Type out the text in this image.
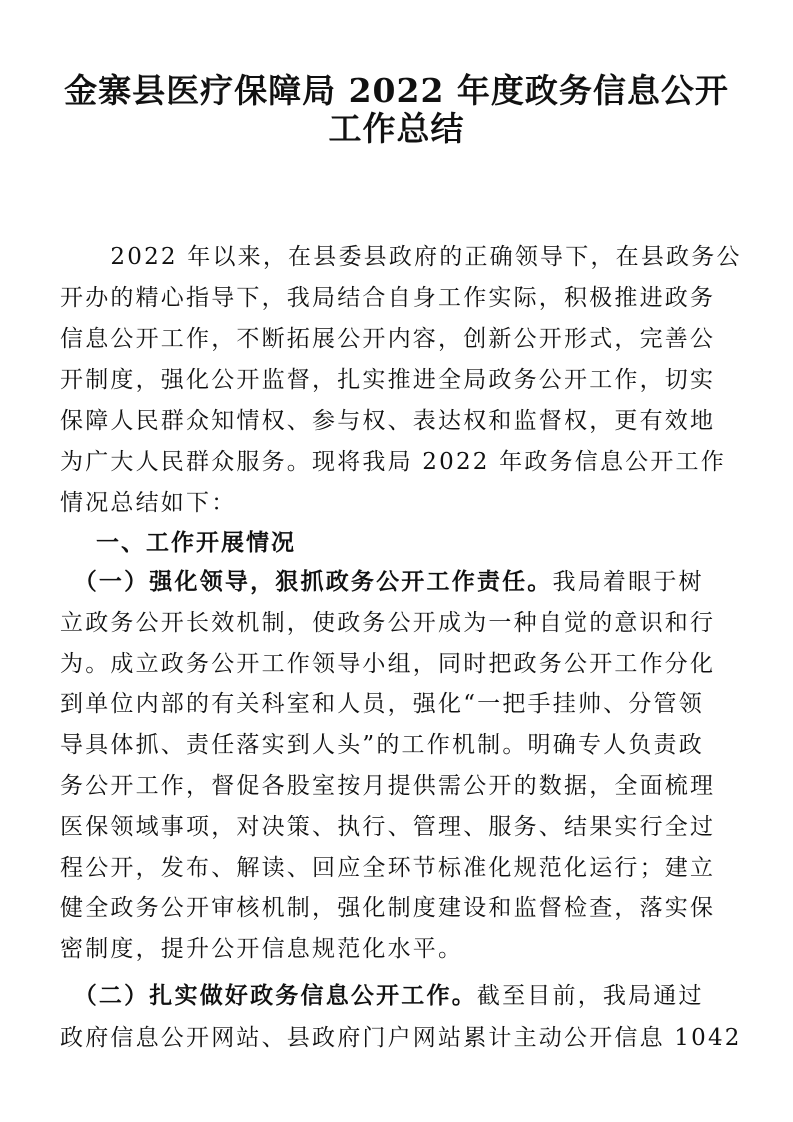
金寨县医疗保障局 2022 年度政务信息公开
工作总结
　　2022 年以来，在县委县政府的正确领导下，在县政务公
开办的精心指导下，我局结合自身工作实际，积极推进政务
信息公开工作，不断拓展公开内容，创新公开形式，完善公
开制度，强化公开监督，扎实推进全局政务公开工作，切实
保障人民群众知情权、参与权、表达权和监督权，更有效地
为广大人民群众服务。现将我局 2022 年政务信息公开工作
情况总结如下：
一、工作开展情况
　（一）强化领导，狠抓政务公开工作责任。我局着眼于树
立政务公开长效机制，使政务公开成为一种自觉的意识和行
为。成立政务公开工作领导小组，同时把政务公开工作分化
到单位内部的有关科室和人员，强化“一把手挂帅、分管领
导具体抓、责任落实到人头”的工作机制。明确专人负责政
务公开工作，督促各股室按月提供需公开的数据，全面梳理
医保领域事项，对决策、执行、管理、服务、结果实行全过
程公开，发布、解读、回应全环节标准化规范化运行；建立
健全政务公开审核机制，强化制度建设和监督检查，落实保
密制度，提升公开信息规范化水平。
　（二）扎实做好政务信息公开工作。截至目前，我局通过
政府信息公开网站、县政府门户网站累计主动公开信息 1042
